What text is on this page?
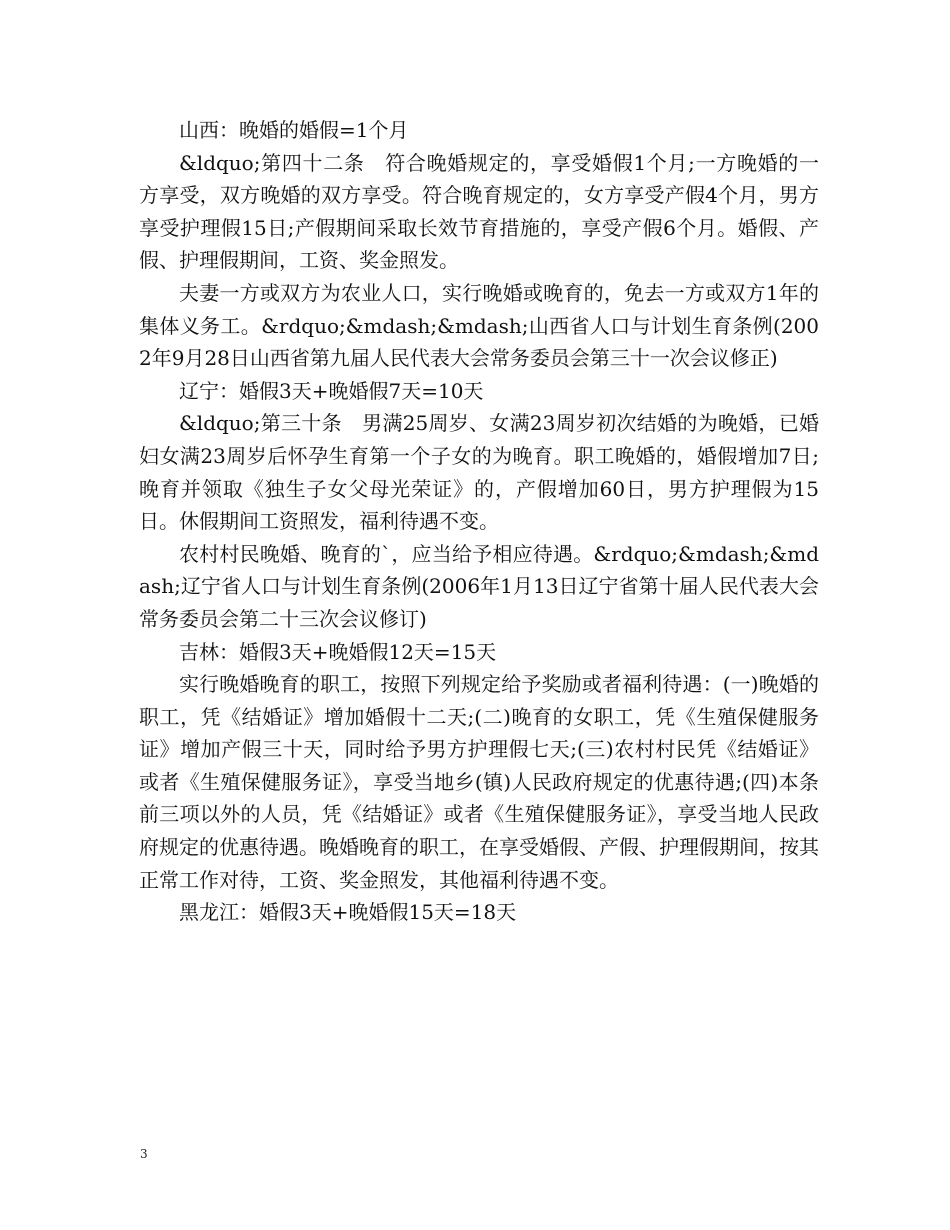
山西：晚婚的婚假=1个月

&ldquo;第四十二条　符合晚婚规定的，享受婚假1个月;一方晚婚的一方享受，双方晚婚的双方享受。符合晚育规定的，女方享受产假4个月，男方享受护理假15日;产假期间采取长效节育措施的，享受产假6个月。婚假、产假、护理假期间，工资、奖金照发。

夫妻一方或双方为农业人口，实行晚婚或晚育的，免去一方或双方1年的集体义务工。&rdquo;&mdash;&mdash;山西省人口与计划生育条例(2002年9月28日山西省第九届人民代表大会常务委员会第三十一次会议修正)

辽宁：婚假3天+晚婚假7天=10天

&ldquo;第三十条　男满25周岁、女满23周岁初次结婚的为晚婚，已婚妇女满23周岁后怀孕生育第一个子女的为晚育。职工晚婚的，婚假增加7日;晚育并领取《独生子女父母光荣证》的，产假增加60日，男方护理假为15日。休假期间工资照发，福利待遇不变。

农村村民晚婚、晚育的`，应当给予相应待遇。&rdquo;&mdash;&mdash;辽宁省人口与计划生育条例(2006年1月13日辽宁省第十届人民代表大会常务委员会第二十三次会议修订)

吉林：婚假3天+晚婚假12天=15天

实行晚婚晚育的职工，按照下列规定给予奖励或者福利待遇：(一)晚婚的职工，凭《结婚证》增加婚假十二天;(二)晚育的女职工，凭《生殖保健服务证》增加产假三十天，同时给予男方护理假七天;(三)农村村民凭《结婚证》或者《生殖保健服务证》，享受当地乡(镇)人民政府规定的优惠待遇;(四)本条前三项以外的人员，凭《结婚证》或者《生殖保健服务证》，享受当地人民政府规定的优惠待遇。晚婚晚育的职工，在享受婚假、产假、护理假期间，按其正常工作对待，工资、奖金照发，其他福利待遇不变。

黑龙江：婚假3天+晚婚假15天=18天

3
